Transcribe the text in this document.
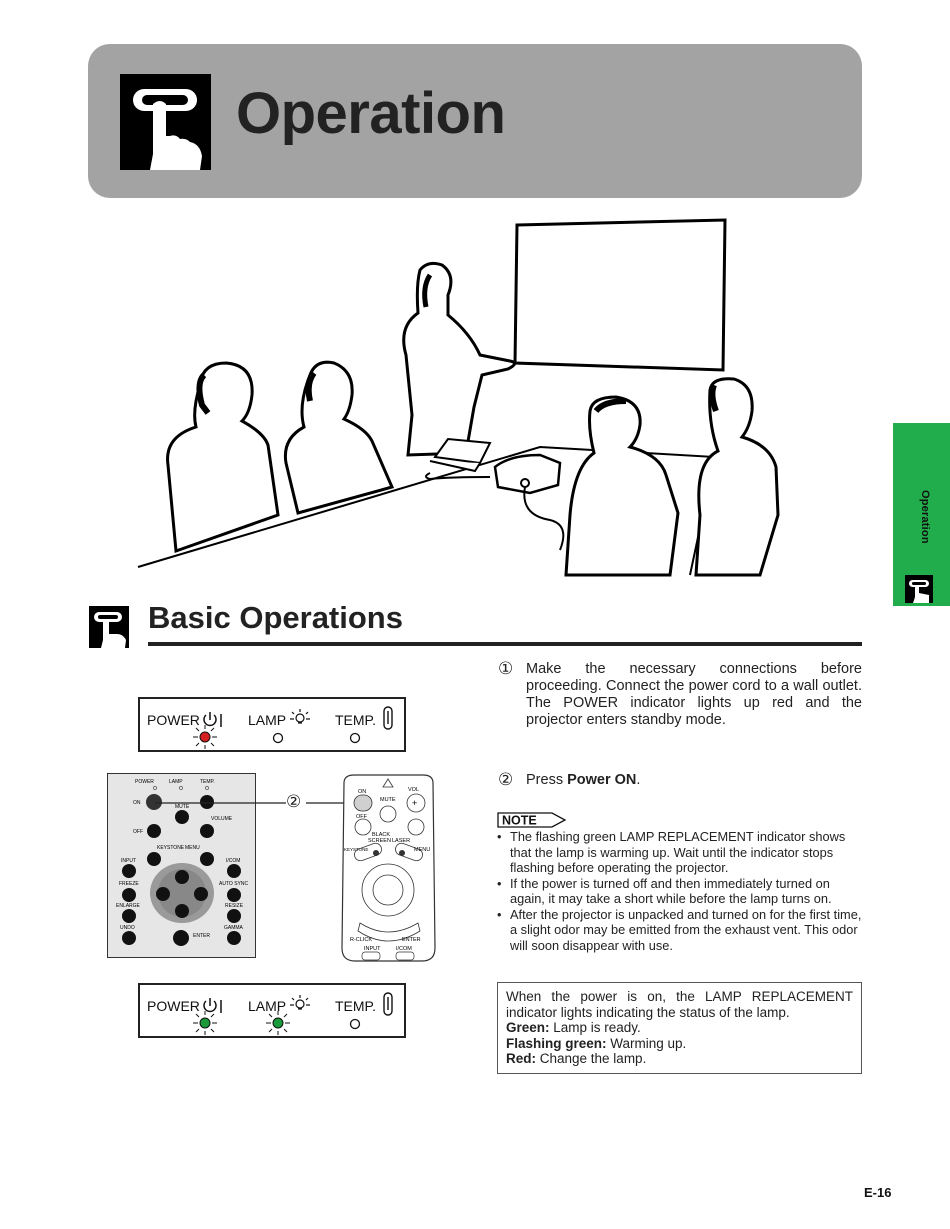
Operation
Operation
Basic Operations
POWER	LAMP	TEMP.
POWER	LAMP	TEMP.
ON
MUTE
VOLUME
OFF
KEYSTONE MENU
INPUT	I/COM
FREEZE	AUTO SYNC
ENLARGE	RESIZE
UNDO	GAMMA
ENTER
②	ON
MUTE
VOL
+
OFF
BLACK
SCREEN LASER
KEYSTONE	MENU
R-CLICK	ENTER
INPUT	I/COM
POWER	LAMP	TEMP.
① Make the necessary connections before proceeding. Connect the power cord to a wall outlet. The POWER indicator lights up red and the projector enters standby mode.
② Press Power ON.
NOTE
• The flashing green LAMP REPLACEMENT indicator shows that the lamp is warming up. Wait until the indicator stops flashing before operating the projector.
• If the power is turned off and then immediately turned on again, it may take a short while before the lamp turns on.
• After the projector is unpacked and turned on for the first time, a slight odor may be emitted from the exhaust vent. This odor will soon disappear with use.
When the power is on, the LAMP REPLACEMENT indicator lights indicating the status of the lamp.
Green: Lamp is ready.
Flashing green: Warming up.
Red: Change the lamp.
E-16
